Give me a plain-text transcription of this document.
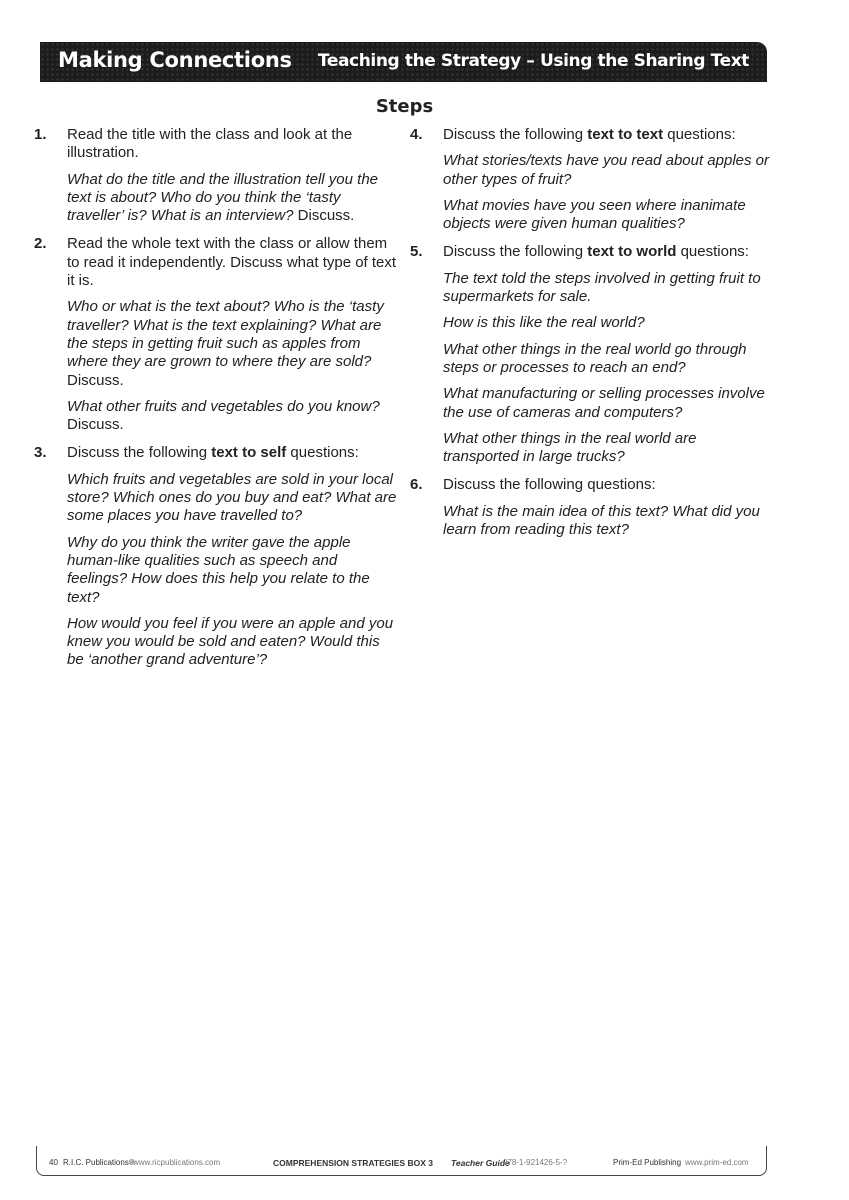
Making Connections Teaching the Strategy – Using the Sharing Text
Steps
1. Read the title with the class and look at the illustration.

What do the title and the illustration tell you the text is about? Who do you think the ‘tasty traveller’ is? What is an interview? Discuss.

2. Read the whole text with the class or allow them to read it independently. Discuss what type of text it is.

Who or what is the text about? Who is the ‘tasty traveller? What is the text explaining? What are the steps in getting fruit such as apples from where they are grown to where they are sold? Discuss.

What other fruits and vegetables do you know? Discuss.

3. Discuss the following text to self questions:

Which fruits and vegetables are sold in your local store? Which ones do you buy and eat? What are some places you have travelled to?

Why do you think the writer gave the apple human-like qualities such as speech and feelings? How does this help you relate to the text?

How would you feel if you were an apple and you knew you would be sold and eaten? Would this be ‘another grand adventure’?

4. Discuss the following text to text questions:

What stories/texts have you read about apples or other types of fruit?

What movies have you seen where inanimate objects were given human qualities?

5. Discuss the following text to world questions:

The text told the steps involved in getting fruit to supermarkets for sale.

How is this like the real world?

What other things in the real world go through steps or processes to reach an end?

What manufacturing or selling processes involve the use of cameras and computers?

What other things in the real world are transported in large trucks?

6. Discuss the following questions:

What is the main idea of this text? What did you learn from reading this text?

40 R.I.C. Publications®
www.ricpublications.com	COMPREHENSION STRATEGIES BOX 3 Teacher Guide
978-1-921426-5-?	Prim-Ed Publishing www.prim-ed.com
